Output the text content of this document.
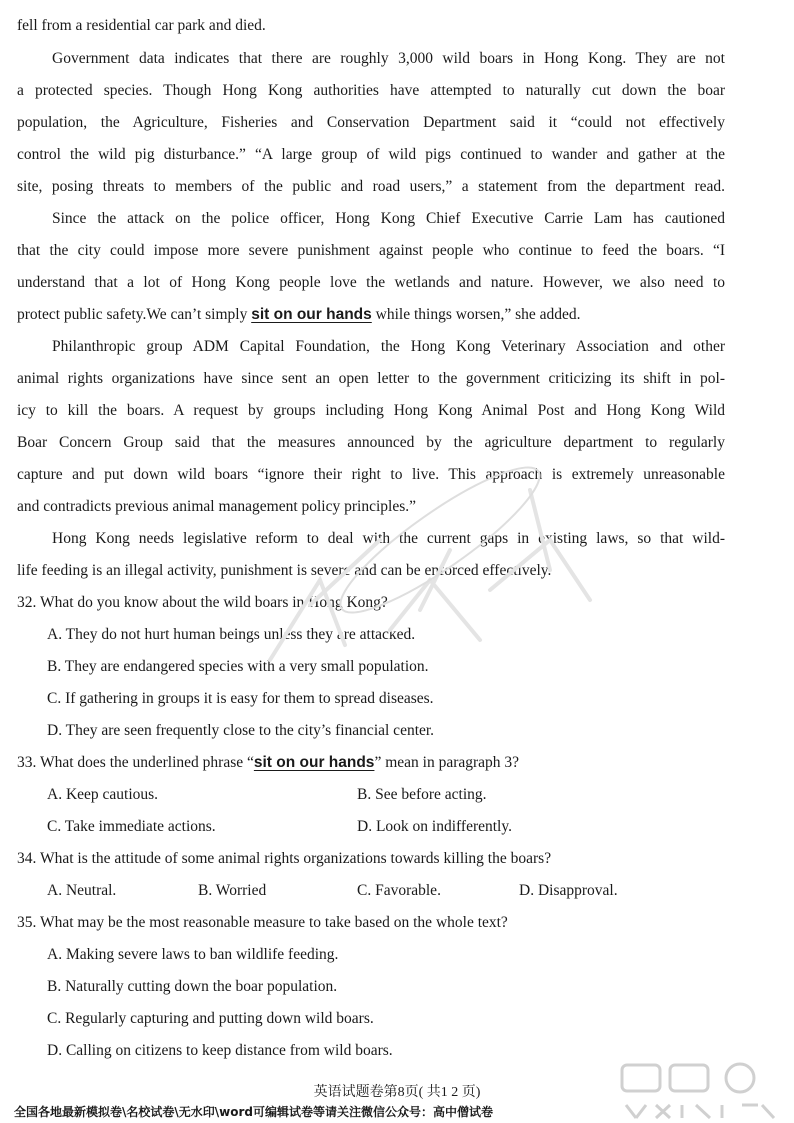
fell from a residential car park and died.
Government data indicates that there are roughly 3,000 wild boars in Hong Kong. They are not
a protected species. Though Hong Kong authorities have attempted to naturally cut down the boar
population, the Agriculture, Fisheries and Conservation Department said it “could not effectively
control the wild pig disturbance.” “A large group of wild pigs continued to wander and gather at the
site, posing threats to members of the public and road users,” a statement from the department read.
Since the attack on the police officer, Hong Kong Chief Executive Carrie Lam has cautioned
that the city could impose more severe punishment against people who continue to feed the boars. “I
understand that a lot of Hong Kong people love the wetlands and nature. However, we also need to
protect public safety.We can’t simply sit on our hands while things worsen,” she added.
Philanthropic group ADM Capital Foundation, the Hong Kong Veterinary Association and other
animal rights organizations have since sent an open letter to the government criticizing its shift in pol-
icy to kill the boars. A request by groups including Hong Kong Animal Post and Hong Kong Wild
Boar Concern Group said that the measures announced by the agriculture department to regularly
capture and put down wild boars “ignore their right to live. This approach is extremely unreasonable
and contradicts previous animal management policy principles.”
Hong Kong needs legislative reform to deal with the current gaps in existing laws, so that wild-
life feeding is an illegal activity, punishment is severe and can be enforced effectively.
32. What do you know about the wild boars in Hong Kong?
A. They do not hurt human beings unless they are attacked.
B. They are endangered species with a very small population.
C. If gathering in groups it is easy for them to spread diseases.
D. They are seen frequently close to the city’s financial center.
33. What does the underlined phrase “sit on our hands” mean in paragraph 3?
A. Keep cautious.	B. See before acting.
C. Take immediate actions.	D. Look on indifferently.
34. What is the attitude of some animal rights organizations towards killing the boars?
A. Neutral.	B. Worried	C. Favorable.	D. Disapproval.
35. What may be the most reasonable measure to take based on the whole text?
A. Making severe laws to ban wildlife feeding.
B. Naturally cutting down the boar population.
C. Regularly capturing and putting down wild boars.
D. Calling on citizens to keep distance from wild boars.
英语试题卷第8页( 共1 2 页)
全国各地最新模拟卷\名校试卷\无水印\word可编辑试卷等请关注微信公众号：高中僧试卷
